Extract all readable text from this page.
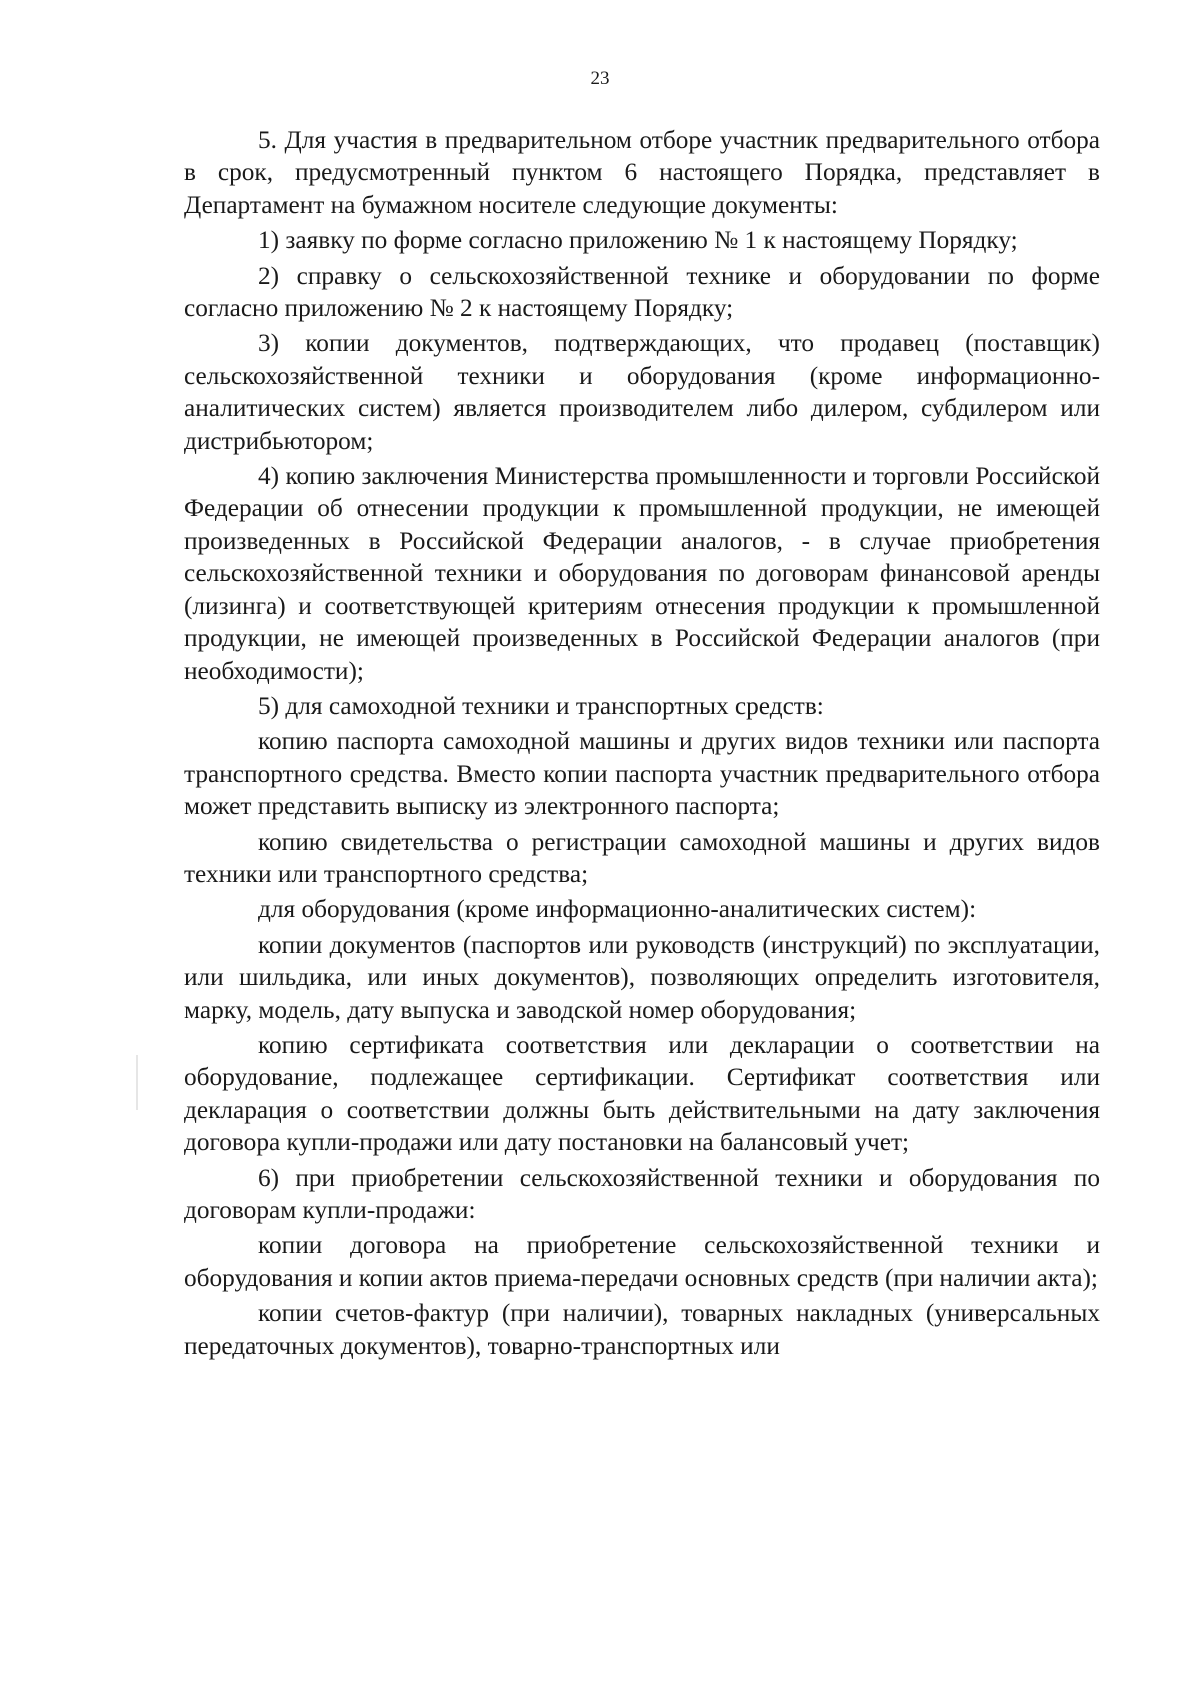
23

5. Для участия в предварительном отборе участник предварительного отбора в срок, предусмотренный пунктом 6 настоящего Порядка, представляет в Департамент на бумажном носителе следующие документы:

1) заявку по форме согласно приложению № 1 к настоящему Порядку;

2) справку о сельскохозяйственной технике и оборудовании по форме согласно приложению № 2 к настоящему Порядку;

3) копии документов, подтверждающих, что продавец (поставщик) сельскохозяйственной техники и оборудования (кроме информационно-аналитических систем) является производителем либо дилером, субдилером или дистрибьютором;

4) копию заключения Министерства промышленности и торговли Российской Федерации об отнесении продукции к промышленной продукции, не имеющей произведенных в Российской Федерации аналогов, - в случае приобретения сельскохозяйственной техники и оборудования по договорам финансовой аренды (лизинга) и соответствующей критериям отнесения продукции к промышленной продукции, не имеющей произведенных в Российской Федерации аналогов (при необходимости);

5) для самоходной техники и транспортных средств:

копию паспорта самоходной машины и других видов техники или паспорта транспортного средства. Вместо копии паспорта участник предварительного отбора может представить выписку из электронного паспорта;

копию свидетельства о регистрации самоходной машины и других видов техники или транспортного средства;

для оборудования (кроме информационно-аналитических систем):

копии документов (паспортов или руководств (инструкций) по эксплуатации, или шильдика, или иных документов), позволяющих определить изготовителя, марку, модель, дату выпуска и заводской номер оборудования;

копию сертификата соответствия или декларации о соответствии на оборудование, подлежащее сертификации. Сертификат соответствия или декларация о соответствии должны быть действительными на дату заключения договора купли-продажи или дату постановки на балансовый учет;

6) при приобретении сельскохозяйственной техники и оборудования по договорам купли-продажи:

копии договора на приобретение сельскохозяйственной техники и оборудования и копии актов приема-передачи основных средств (при наличии акта);

копии счетов-фактур (при наличии), товарных накладных (универсальных передаточных документов), товарно-транспортных или
